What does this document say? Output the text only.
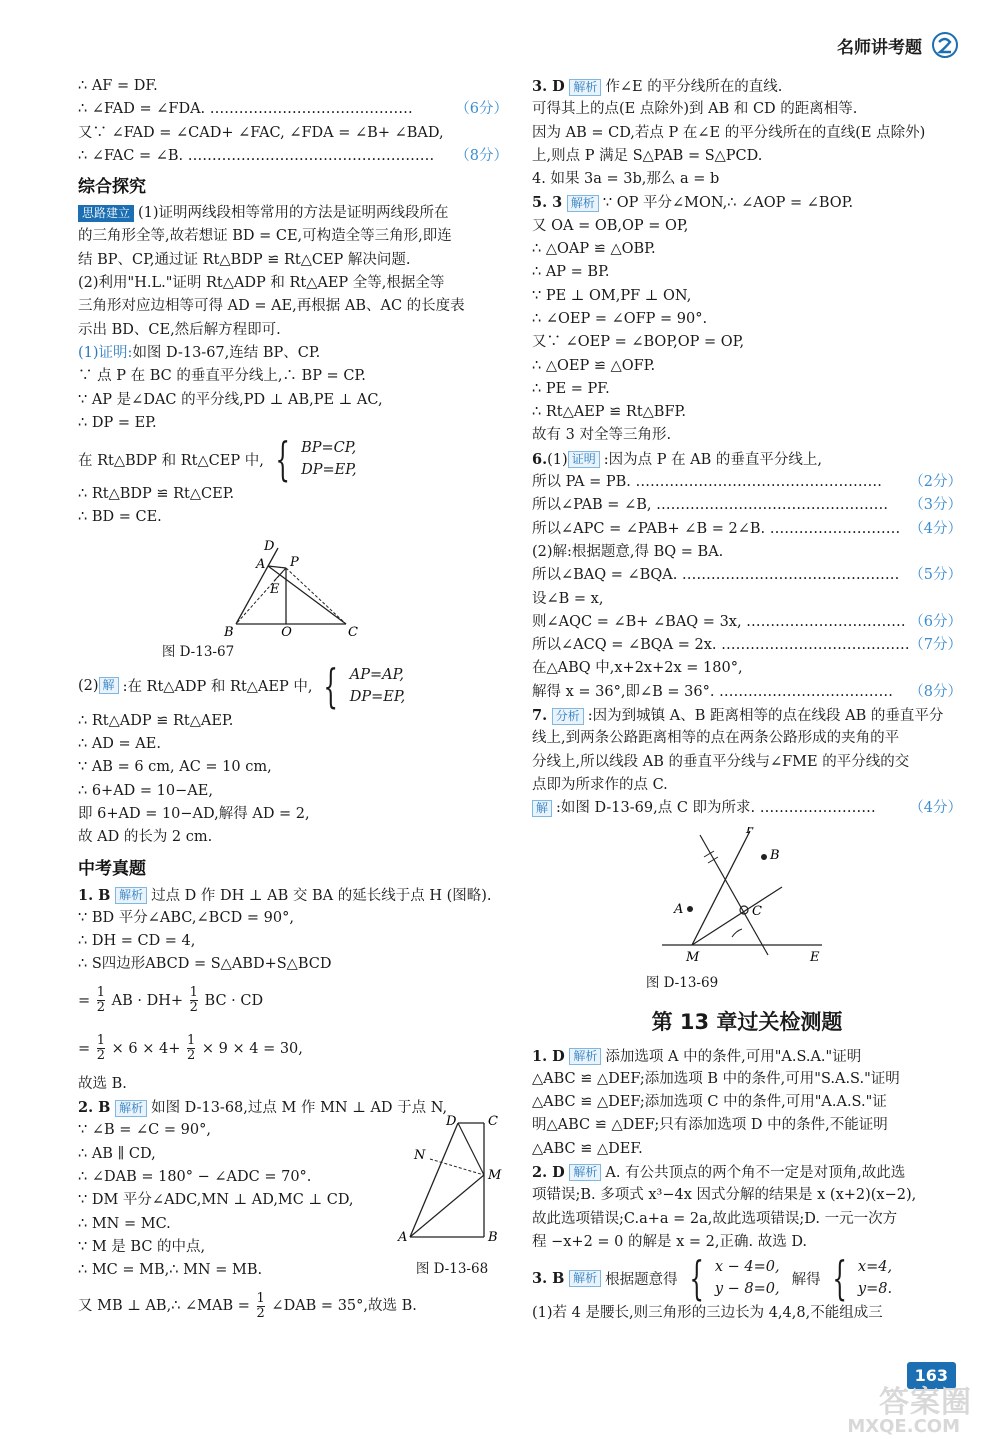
名师讲考题
∴ AF = DF.
∴ ∠FAD = ∠FDA. ……………………………………	（6分）
又∵ ∠FAD = ∠CAD+ ∠FAC, ∠FDA = ∠B+ ∠BAD,
∴ ∠FAC = ∠B. …………………………………………… （8分）
综合探究
思路建立 (1)证明两线段相等常用的方法是证明两线段所在
的三角形全等,故若想证 BD = CE,可构造全等三角形,即连
结 BP、CP,通过证 Rt△BDP ≌ Rt△CEP 解决问题.
(2)利用"H.L."证明 Rt△ADP 和 Rt△AEP 全等,根据全等
三角形对应边相等可得 AD = AE,再根据 AB、AC 的长度表
示出 BD、CE,然后解方程即可.
(1)证明:如图 D-13-67,连结 BP、CP.
∵ 点 P 在 BC 的垂直平分线上,∴ BP = CP.
∵ AP 是∠DAC 的平分线,PD ⊥ AB,PE ⊥ AC,
∴ DP = EP.
在 Rt△BDP 和 Rt△CEP 中, { BP=CP,
DP=EP,
∴ Rt△BDP ≌ Rt△CEP.
∴ BD = CE.
D
A P
E
B	Q	C
图 D-13-67
(2) 解 :在 Rt△ADP 和 Rt△AEP 中, { AP=AP,
DP=EP,
∴ Rt△ADP ≌ Rt△AEP.
∴ AD = AE.
∵ AB = 6 cm, AC = 10 cm,
∴ 6+AD = 10−AE,
即 6+AD = 10−AD,解得 AD = 2,
故 AD 的长为 2 cm.
中考真题
1. B 解析 过点 D 作 DH ⊥ AB 交 BA 的延长线于点 H (图略).
∵ BD 平分∠ABC,∠BCD = 90°,
∴ DH = CD = 4,
∴ S四边形ABCD = S△ABD+S△BCD
= $\frac{1}{2}$ AB · $DH+ \frac{1}{2}$ BC · CD
= $\frac{1}{2} \times 6 \times 4+ \frac{1}{2} \times 9 \times 4 = 30$,
故选 B.
2. B 解析 如图 D-13-68,过点 M 作 MN ⊥ AD 于点 N,
∵ ∠B = ∠C = 90°,
∴ AB ∥ CD,
∴ ∠DAB = 180° − ∠ADC = 70°.
∵ DM 平分∠ADC,MN ⊥ AD,MC ⊥ CD,
∴ MN = MC.
∵ M 是 BC 的中点,
∴ MC = MB,∴ MN = MB.
D C
N
M
A	B
图 D-13-68
又 MB ⊥ AB,∴ ∠MAB = $\frac{1}{2}$ ∠DAB = 35°,故选 B.
3. D 解析 作∠E 的平分线所在的直线.
可得其上的点(E 点除外)到 AB 和 CD 的距离相等.
因为 AB = CD,若点 P 在∠E 的平分线所在的直线(E 点除外)
上,则点 P 满足 S△PAB = S△PCD.
4. 如果 3a = 3b,那么 a = b
5. 3 解析 ∵ OP 平分∠MON,∴ ∠AOP = ∠BOP.
又 OA = OB,OP = OP,
∴ △OAP ≌ △OBP.
∴ AP = BP.
∵ PE ⊥ OM,PF ⊥ ON,
∴ ∠OEP = ∠OFP = 90°.
又∵ ∠OEP = ∠BOP,OP = OP,
∴ △OEP ≌ △OFP.
∴ PE = PF.
∴ Rt△AEP ≌ Rt△BFP.
故有 3 对全等三角形.
6.(1) 证明 :因为点 P 在 AB 的垂直平分线上,
所以 PA = PB. …………………………………………… （2分）
所以∠PAB = ∠B, ………………………………………… （3分）
所以∠APC = ∠PAB+ ∠B = 2∠B. ……………………… （4分）
(2)解:根据题意,得 BQ = BA.
所以∠BAQ = ∠BQA. ……………………………………… （5分）
设∠B = x,
则∠AQC = ∠B+ ∠BAQ = 3x, …………………………… （6分）
所以∠ACQ = ∠BQA = 2x. ………………………………… （7分）
在△ABQ 中,x+2x+2x = 180°,
解得 x = 36°,即∠B = 36°. ……………………………… （8分）
7. 分析 :因为到城镇 A、B 距离相等的点在线段 AB 的垂直平分
线上,到两条公路距离相等的点在两条公路形成的夹角的平
分线上,所以线段 AB 的垂直平分线与∠FME 的平分线的交
点即为所求作的点 C.
解 :如图 D-13-69,点 C 即为所求. …………………… （4分）
F
B
A	C
M	E
图 D-13-69
第 13 章过关检测题
1. D 解析 添加选项 A 中的条件,可用"A.S.A."证明
△ABC ≌ △DEF;添加选项 B 中的条件,可用"S.A.S."证明
△ABC ≌ △DEF;添加选项 C 中的条件,可用"A.A.S."证
明△ABC ≌ △DEF;只有添加选项 D 中的条件,不能证明
△ABC ≌ △DEF.
2. D 解析 A. 有公共顶点的两个角不一定是对顶角,故此选
项错误;B. 多项式 x³−4x 因式分解的结果是 x (x+2)(x−2),
故此选项错误;C.a+a = 2a,故此选项错误;D. 一元一次方
程 −x+2 = 0 的解是 x = 2,正确. 故选 D.
3. B
解析 根据题意得 { x − 4=0,
y − 8=0,
解得 { x=4,
y=8.
(1)若 4 是腰长,则三角形的三边长为 4,4,8,不能组成三
163
答案圈
MXQE.COM
